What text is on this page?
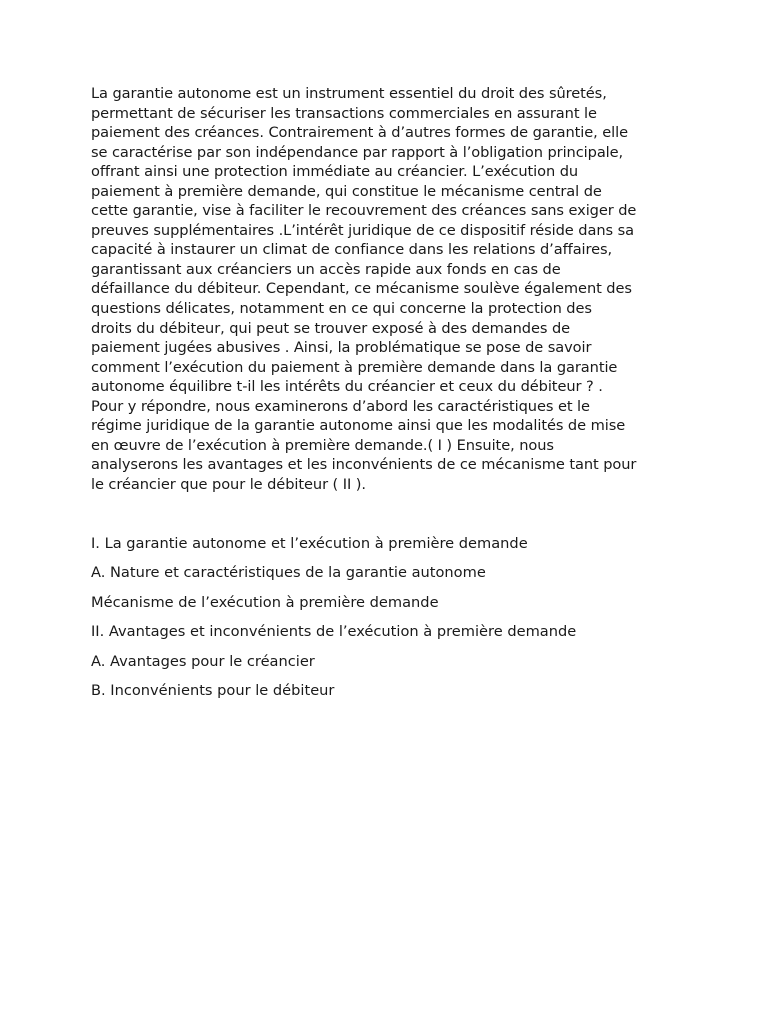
La garantie autonome est un instrument essentiel du droit des sûretés,
permettant de sécuriser les transactions commerciales en assurant le
paiement des créances. Contrairement à d’autres formes de garantie, elle
se caractérise par son indépendance par rapport à l’obligation principale,
offrant ainsi une protection immédiate au créancier. L’exécution du
paiement à première demande, qui constitue le mécanisme central de
cette garantie, vise à faciliter le recouvrement des créances sans exiger de
preuves supplémentaires .L’intérêt juridique de ce dispositif réside dans sa
capacité à instaurer un climat de confiance dans les relations d’affaires,
garantissant aux créanciers un accès rapide aux fonds en cas de
défaillance du débiteur. Cependant, ce mécanisme soulève également des
questions délicates, notamment en ce qui concerne la protection des
droits du débiteur, qui peut se trouver exposé à des demandes de
paiement jugées abusives . Ainsi, la problématique se pose de savoir
comment l’exécution du paiement à première demande dans la garantie
autonome équilibre t-il les intérêts du créancier et ceux du débiteur ? .
Pour y répondre, nous examinerons d’abord les caractéristiques et le
régime juridique de la garantie autonome ainsi que les modalités de mise
en œuvre de l’exécution à première demande.( I ) Ensuite, nous
analyserons les avantages et les inconvénients de ce mécanisme tant pour
le créancier que pour le débiteur ( II ).

I. La garantie autonome et l’exécution à première demande
A. Nature et caractéristiques de la garantie autonome
Mécanisme de l’exécution à première demande
II. Avantages et inconvénients de l’exécution à première demande
A. Avantages pour le créancier
B. Inconvénients pour le débiteur
